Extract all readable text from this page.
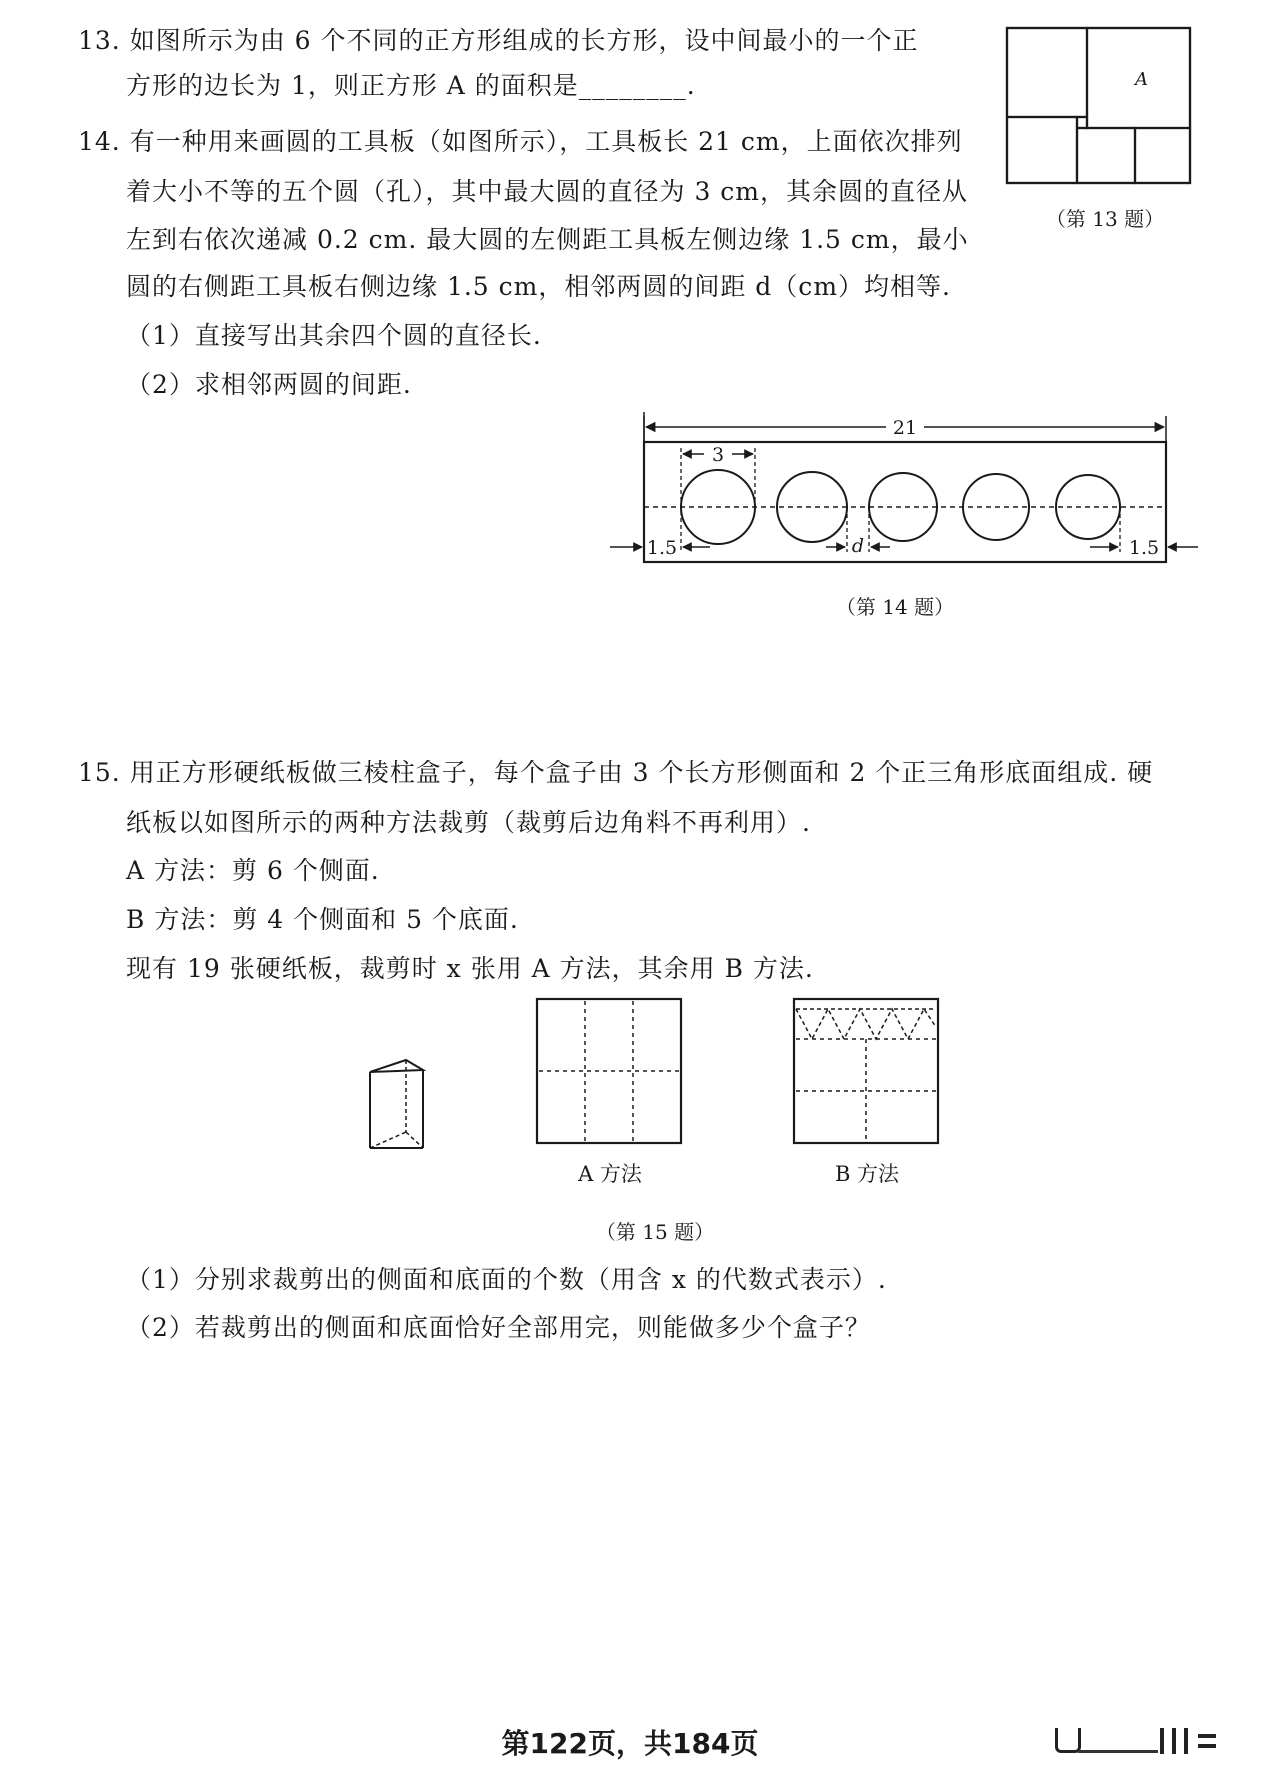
13. 如图所示为由 6 个不同的正方形组成的长方形，设中间最小的一个正
方形的边长为 1，则正方形 A 的面积是________.	A
（第 13 题）
14. 有一种用来画圆的工具板（如图所示），工具板长 21 cm，上面依次排列
着大小不等的五个圆（孔），其中最大圆的直径为 3 cm，其余圆的直径从
左到右依次递减 0.2 cm. 最大圆的左侧距工具板左侧边缘 1.5 cm，最小
圆的右侧距工具板右侧边缘 1.5 cm，相邻两圆的间距 d（cm）均相等.
（1）直接写出其余四个圆的直径长.
（2）求相邻两圆的间距.
21
3
1.5	d	1.5
（第 14 题）
15. 用正方形硬纸板做三棱柱盒子，每个盒子由 3 个长方形侧面和 2 个正三角形底面组成. 硬
纸板以如图所示的两种方法裁剪（裁剪后边角料不再利用）.
A 方法：剪 6 个侧面.
B 方法：剪 4 个侧面和 5 个底面.
现有 19 张硬纸板，裁剪时 x 张用 A 方法，其余用 B 方法.
A 方法	B 方法
（第 15 题）
（1）分别求裁剪出的侧面和底面的个数（用含 x 的代数式表示）.
（2）若裁剪出的侧面和底面恰好全部用完，则能做多少个盒子？
第122页，共184页
